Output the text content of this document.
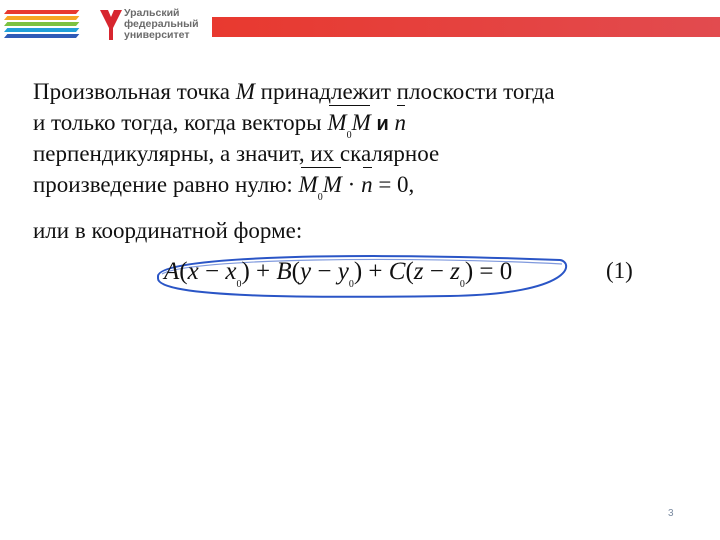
Уральский
федеральный
университет
Произвольная точка M принадлежит плоскости тогда
и только тогда, когда векторы $M_0M$ и n
перпендикулярны, а значит, их скалярное
произведение равно нулю: $M_0M \cdot n = 0$,
или в координатной форме:
$A(x - x_0) + B(y - y_0) + C(z - z_0) = 0$	(1)
3
